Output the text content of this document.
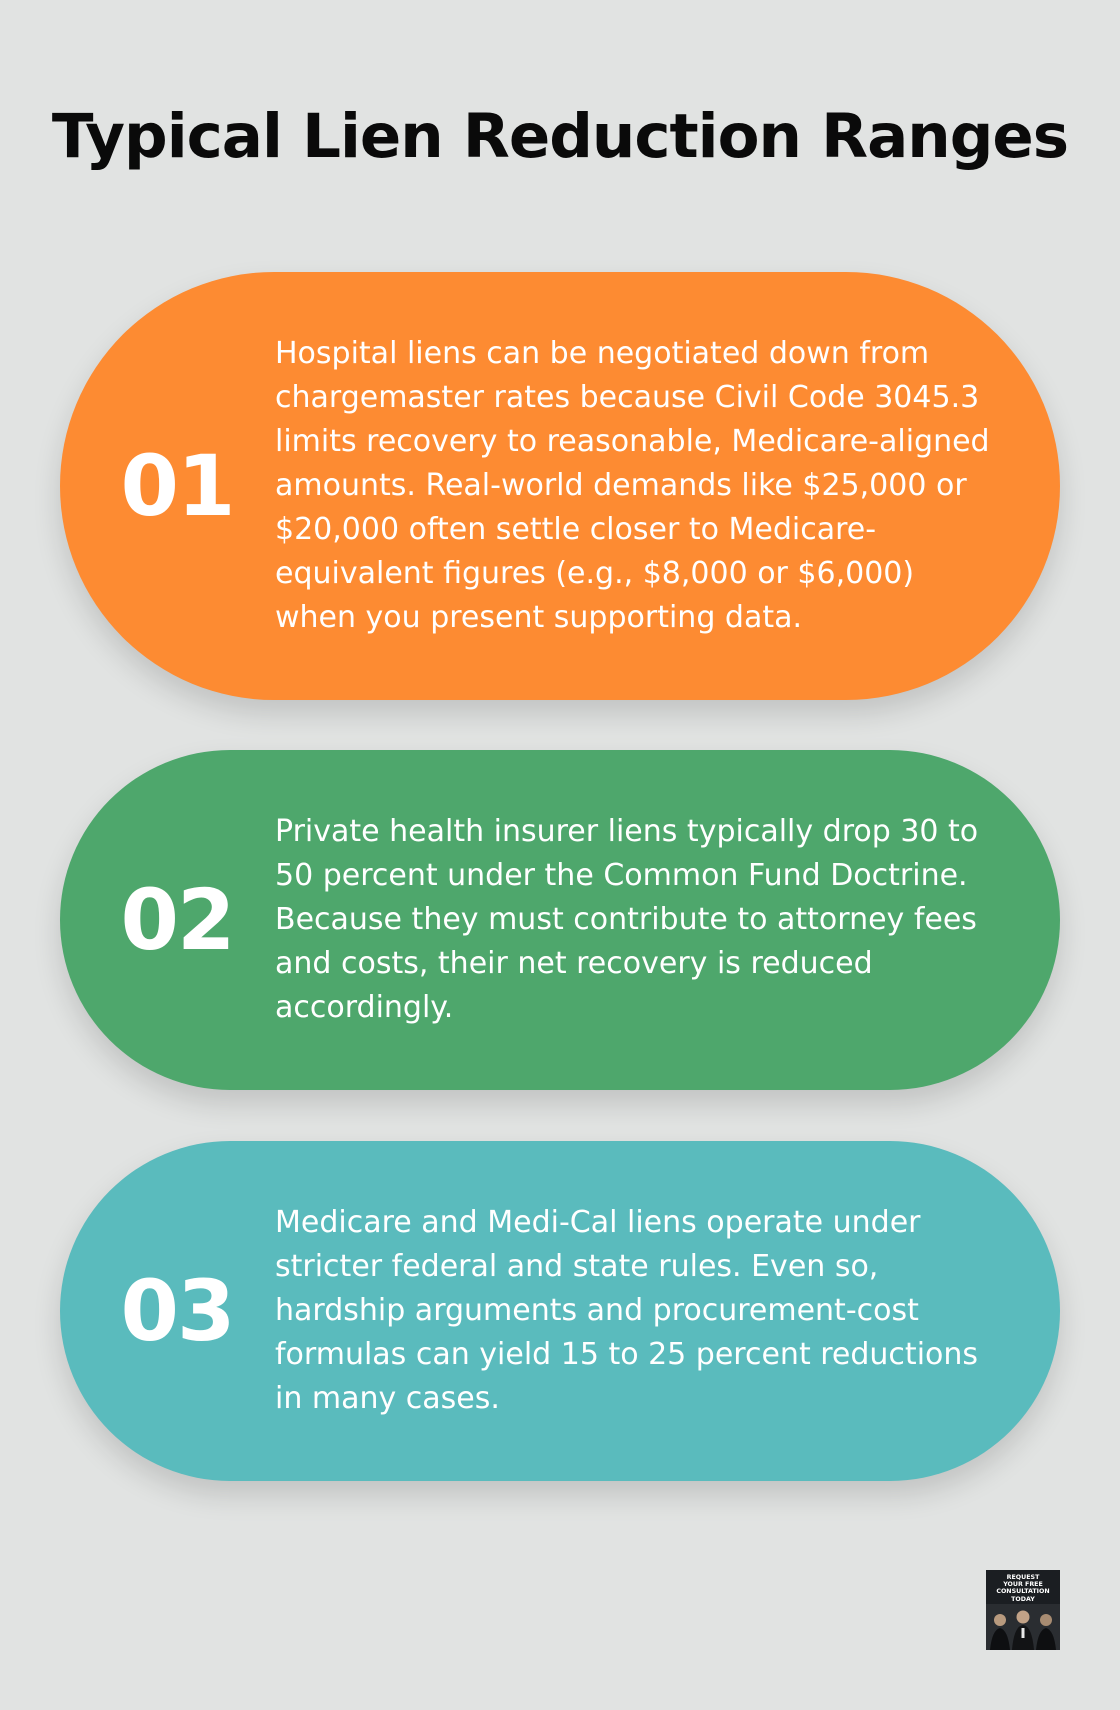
Typical Lien Reduction Ranges
01
Hospital liens can be negotiated down from chargemaster rates because Civil Code 3045.3 limits recovery to reasonable, Medicare-aligned amounts. Real-world demands like $25,000 or $20,000 often settle closer to Medicare-equivalent figures (e.g., $8,000 or $6,000) when you present supporting data.
02
Private health insurer liens typically drop 30 to 50 percent under the Common Fund Doctrine. Because they must contribute to attorney fees and costs, their net recovery is reduced accordingly.
03
Medicare and Medi-Cal liens operate under stricter federal and state rules. Even so, hardship arguments and procurement-cost formulas can yield 15 to 25 percent reductions in many cases.
REQUEST
YOUR FREE
CONSULTATION
TODAY
